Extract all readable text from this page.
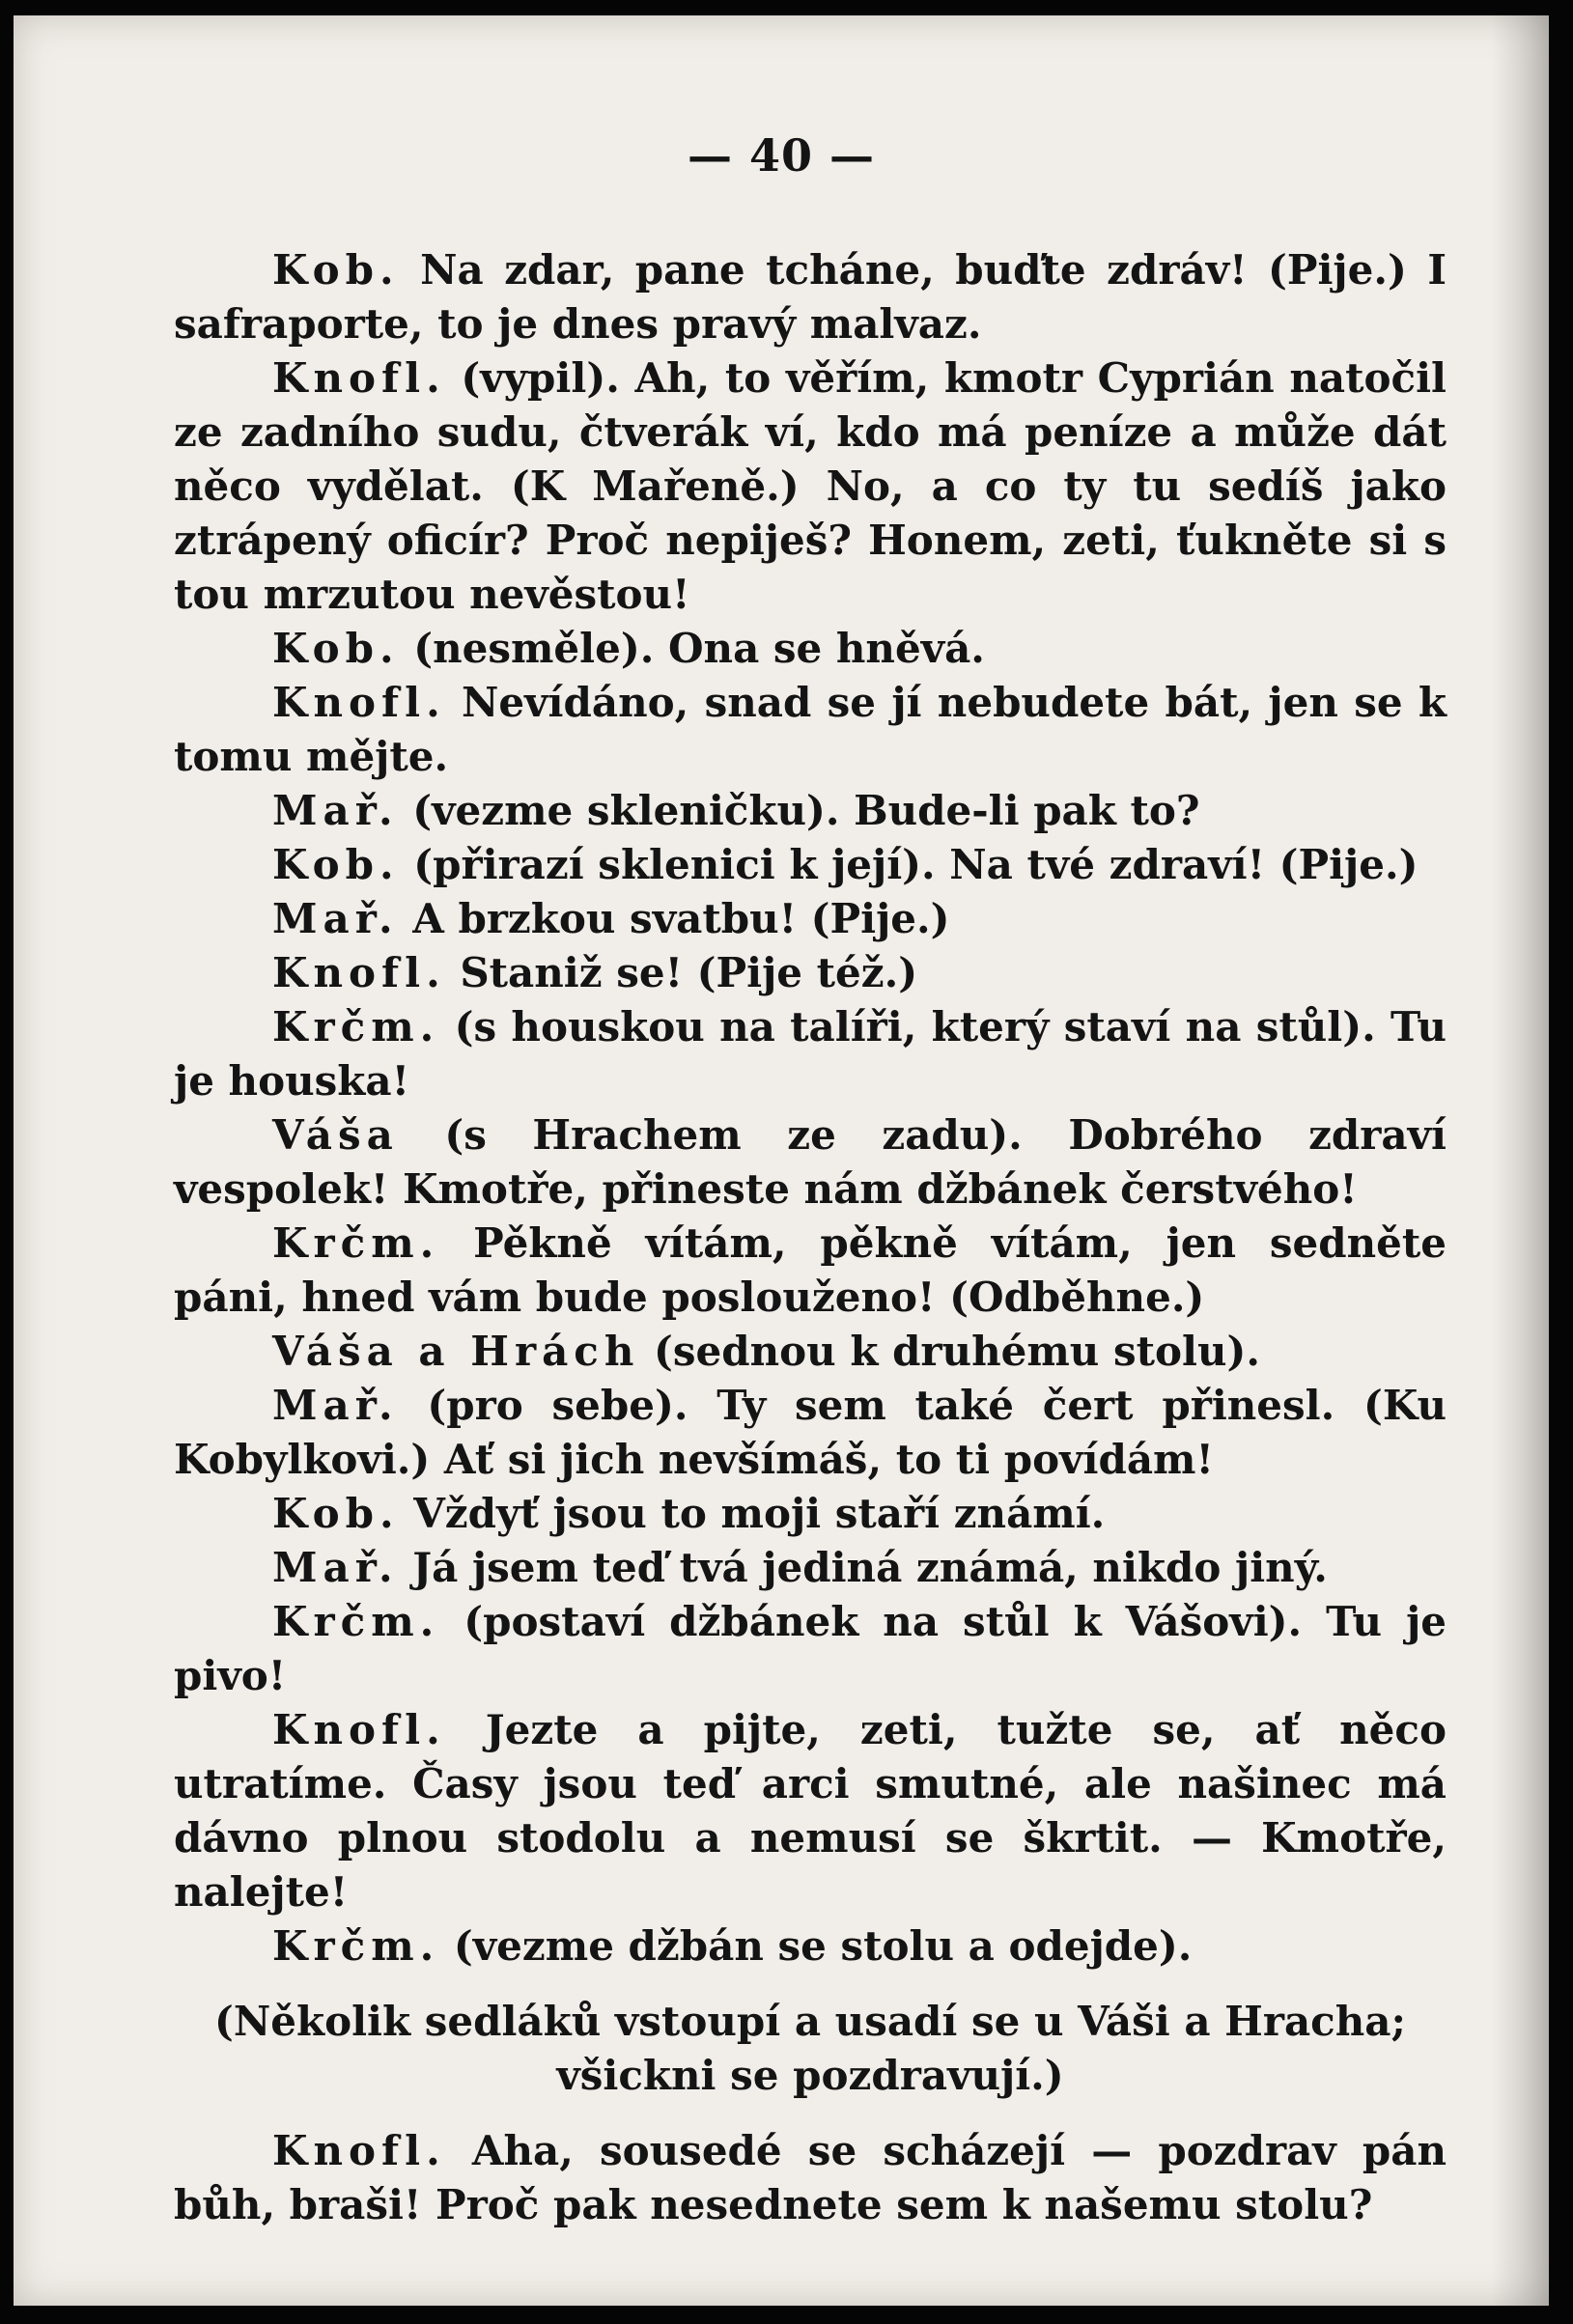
— 40 —

Kob. Na zdar, pane tcháne, buďte zdráv! (Pije.) I safraporte, to je dnes pravý malvaz.

Knofl. (vypil). Ah, to věřím, kmotr Cyprián natočil ze zadního sudu, čtverák ví, kdo má peníze a může dát něco vydělat. (K Mařeně.) No, a co ty tu sedíš jako ztrápený oficír? Proč nepiješ? Honem, zeti, ťukněte si s tou mrzutou nevěstou!

Kob. (nesměle). Ona se hněvá.

Knofl. Nevídáno, snad se jí nebudete bát, jen se k tomu mějte.

Mař. (vezme skleničku). Bude-li pak to?

Kob. (přirazí sklenici k její). Na tvé zdraví! (Pije.)

Mař. A brzkou svatbu! (Pije.)

Knofl. Staniž se! (Pije též.)

Krčm. (s houskou na talíři, který staví na stůl). Tu je houska!

Váša (s Hrachem ze zadu). Dobrého zdraví vespolek! Kmotře, přineste nám džbánek čerstvého!

Krčm. Pěkně vítám, pěkně vítám, jen sedněte páni, hned vám bude poslouženo! (Odběhne.)

Váša a Hrách (sednou k druhému stolu).

Mař. (pro sebe). Ty sem také čert přinesl. (Ku Kobylkovi.) Ať si jich nevšímáš, to ti povídám!

Kob. Vždyť jsou to moji staří známí.

Mař. Já jsem teď tvá jediná známá, nikdo jiný.

Krčm. (postaví džbánek na stůl k Vášovi). Tu je pivo!

Knofl. Jezte a pijte, zeti, tužte se, ať něco utratíme. Časy jsou teď arci smutné, ale našinec má dávno plnou stodolu a nemusí se škrtit. — Kmotře, nalejte!

Krčm. (vezme džbán se stolu a odejde).

(Několik sedláků vstoupí a usadí se u Váši a Hracha; všickni se pozdravují.)

Knofl. Aha, sousedé se scházejí — pozdrav pán bůh, braši! Proč pak nesednete sem k našemu stolu?
